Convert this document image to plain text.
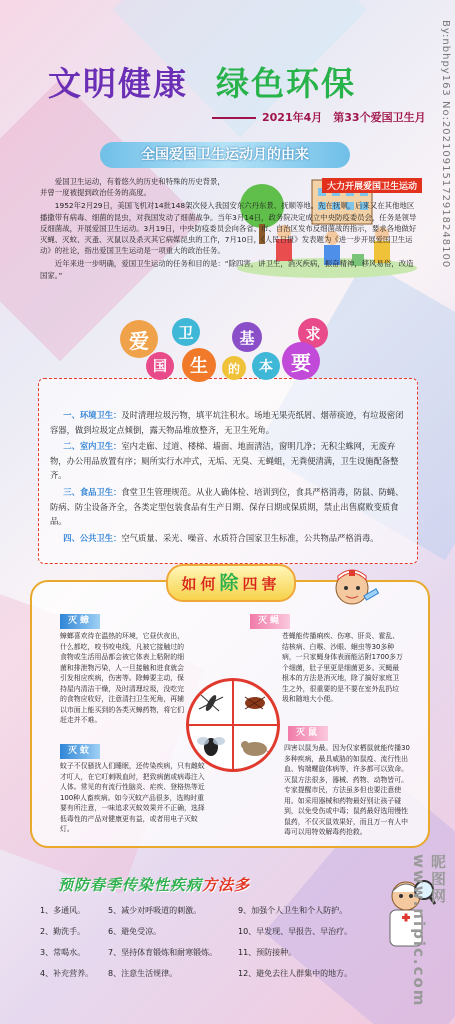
文明健康 绿色环保
2021年4月　第33个爱国卫生月
全国爱国卫生运动月的由来
大力开展爱国卫生运动

爱国卫生运动，有着悠久的历史和特殊的历史背景，并曾一度被提到政治任务的高度。

1952年2月29日，美国飞机对14批148架次侵入我国安东六丹东景、抚顺等地。先在抚顺，后来又在其他地区播撒带有病毒、细菌的昆虫，对我国发动了细菌战争。当年3月14日，政务院决定成立中央防疫委员会，任务是领导反细菌战，开展爱国卫生运动。3月19日，中央防疫委员会向各省、市、自治区发布反细菌战的指示，要求各地做好灭蝇、灭蚊、灭蚤、灭鼠以及杀灭其它病媒昆虫的工作，7月10日，《人民日报》发表题为《进一步开展爱国卫生运动》的社论，指出爱国卫生运动是一项重大的政治任务。

近年来进一步明确，爱国卫生运动的任务和目的是：“除四害，讲卫生，消灭疾病，振奋精神，移风易俗，改造国家。”

爱	卫	基	求
国	生	的	本 要

一、环境卫生：及时清理垃圾污物，填平坑注积水。场地无果壳纸屑、烟蒂痰迹，有垃圾密闭容器，做到垃圾定点倾倒，露天物品堆放整齐，无卫生死角。

二、室内卫生：室内走廊、过道、楼梯、墙面、地面清洁，窗明几净；无积尘蛛网，无废弃物，办公用品放置有序；厕所实行水冲式，无垢、无臭、无蝇蛆，无粪便清满，卫生设施配备整齐。

三、食品卫生：食堂卫生管理规范。从业人确体检、培训到位，食具严格消毒，防鼠、防蝇、防病、防尘设备齐全，各类定型包装食品有生产日期、保存日期或保质期，禁止出售腐败变质食品。

四、公共卫生：空气质量、采光、噪音、水质符合国家卫生标准，公共物品严格消毒。

如何除四害
灭蟑
蟑螂喜欢待在温热的环境，它昼伏夜出，什么都吃，咬书咬电线，凡被它接触过的食物或生活用品都会被它体表上粘附的细菌和排泄物污染，人一旦接触和进食就会引发相应疾病，伤害等。除蟑要主动，保持屋内清洁干燥，及时清理垃圾，没吃完的食物应收好，注意清扫卫生死角，再辅以市面上能买到的各类灭蟑药物，将它们赶走并不难。
灭蝇
苍蝇能传播痢疾、伤寒、肝炎、霍乱、结核病、白喉、沙眼、蛔虫等30多种病，一只家蝇身体表面能沾附1700多万个细菌，肚子里更是细菌更多。灭蝇最根本的方法是消灭地，除了搞好家庭卫生之外，很重要的是不要在室外乱扔垃圾和随地大小便。
灭蚊
蚊子不仅骚扰人们睡眠，还传染疾病，只有雌蚊才叮人，在它叮刺吸血时，把致病菌或病毒注入人体。常见的有流行性脑炎、疟疾、登格热等近100种人畜疾病。如今灭蚊产品很多，选购时重要有所注意，一味追求灭蚊效果并不正确，选择低毒性的产品对健康更有益，或者用电子灭蚊灯。
灭鼠
四害以鼠为最。因为仅家栖鼠就能传播30多种疾病，最具威胁的如鼠疫、流行性出血、钩端螺旋体病等，许多都可以致命。灭鼠方法很多，器械、药物、动物皆可。专家提醒市民，方法虽多但也要注意使用。如采用器械和药物最好别让孩子碰到，以免受伤或中毒；鼠药最好选用慢性鼠药，不仅灭鼠效果好，而且万一有人中毒可以用特效解毒药抢救。
预防春季传染性疾病方法多
1、多通风。	5、减少对呼吸道的刺激。	9、加强个人卫生和个人防护。
2、勤洗手。	6、避免受凉。	10、早发现、早报告、早治疗。
3、常喝水。	7、坚持体育锻炼和耐寒锻炼。	11、预防接种。
4、补充营养。	8、注意生活规律。	12、避免去往人群集中的地方。
By:nbhpy163 No:20210915172918248100
昵图网 www.nipic.com
